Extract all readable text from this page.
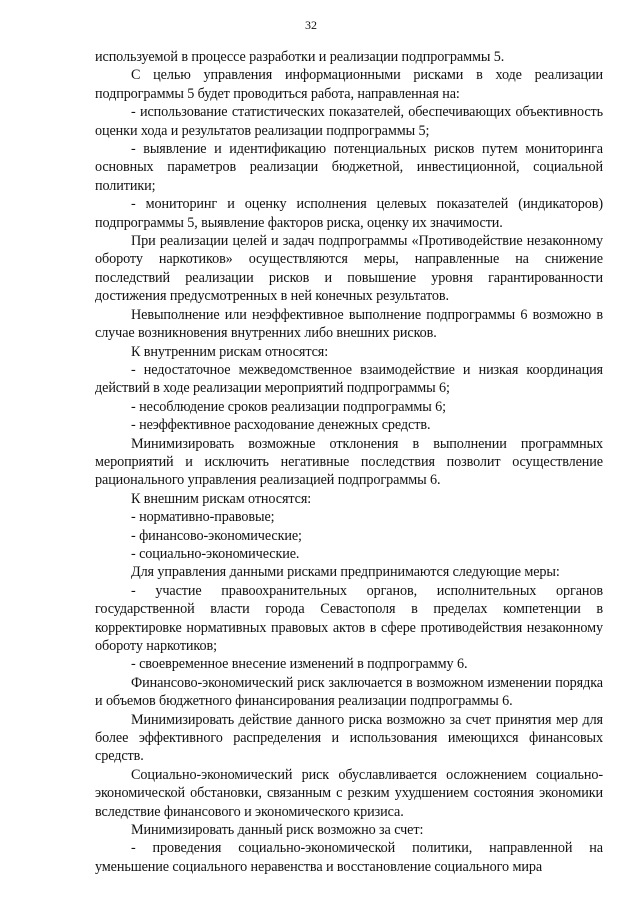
32

используемой в процессе разработки и реализации подпрограммы 5.

С целью управления информационными рисками в ходе реализации подпрограммы 5 будет проводиться работа, направленная на:

- использование статистических показателей, обеспечивающих объективность оценки хода и результатов реализации подпрограммы 5;

- выявление и идентификацию потенциальных рисков путем мониторинга основных параметров реализации бюджетной, инвестиционной, социальной политики;

- мониторинг и оценку исполнения целевых показателей (индикаторов) подпрограммы 5, выявление факторов риска, оценку их значимости.

При реализации целей и задач подпрограммы «Противодействие незаконному обороту наркотиков» осуществляются меры, направленные на снижение последствий реализации рисков и повышение уровня гарантированности достижения предусмотренных в ней конечных результатов.

Невыполнение или неэффективное выполнение подпрограммы 6 возможно в случае возникновения внутренних либо внешних рисков.

К внутренним рискам относятся:

- недостаточное межведомственное взаимодействие и низкая координация действий в ходе реализации мероприятий подпрограммы 6;

- несоблюдение сроков реализации подпрограммы 6;

- неэффективное расходование денежных средств.

Минимизировать возможные отклонения в выполнении программных мероприятий и исключить негативные последствия позволит осуществление рационального управления реализацией подпрограммы 6.

К внешним рискам относятся:

- нормативно-правовые;

- финансово-экономические;

- социально-экономические.

Для управления данными рисками предпринимаются следующие меры:

- участие правоохранительных органов, исполнительных органов государственной власти города Севастополя в пределах компетенции в корректировке нормативных правовых актов в сфере противодействия незаконному обороту наркотиков;

- своевременное внесение изменений в подпрограмму 6.

Финансово-экономический риск заключается в возможном изменении порядка и объемов бюджетного финансирования реализации подпрограммы 6.

Минимизировать действие данного риска возможно за счет принятия мер для более эффективного распределения и использования имеющихся финансовых средств.

Социально-экономический риск обуславливается осложнением социально-экономической обстановки, связанным с резким ухудшением состояния экономики вследствие финансового и экономического кризиса.

Минимизировать данный риск возможно за счет:

- проведения социально-экономической политики, направленной на уменьшение социального неравенства и восстановление социального мира
